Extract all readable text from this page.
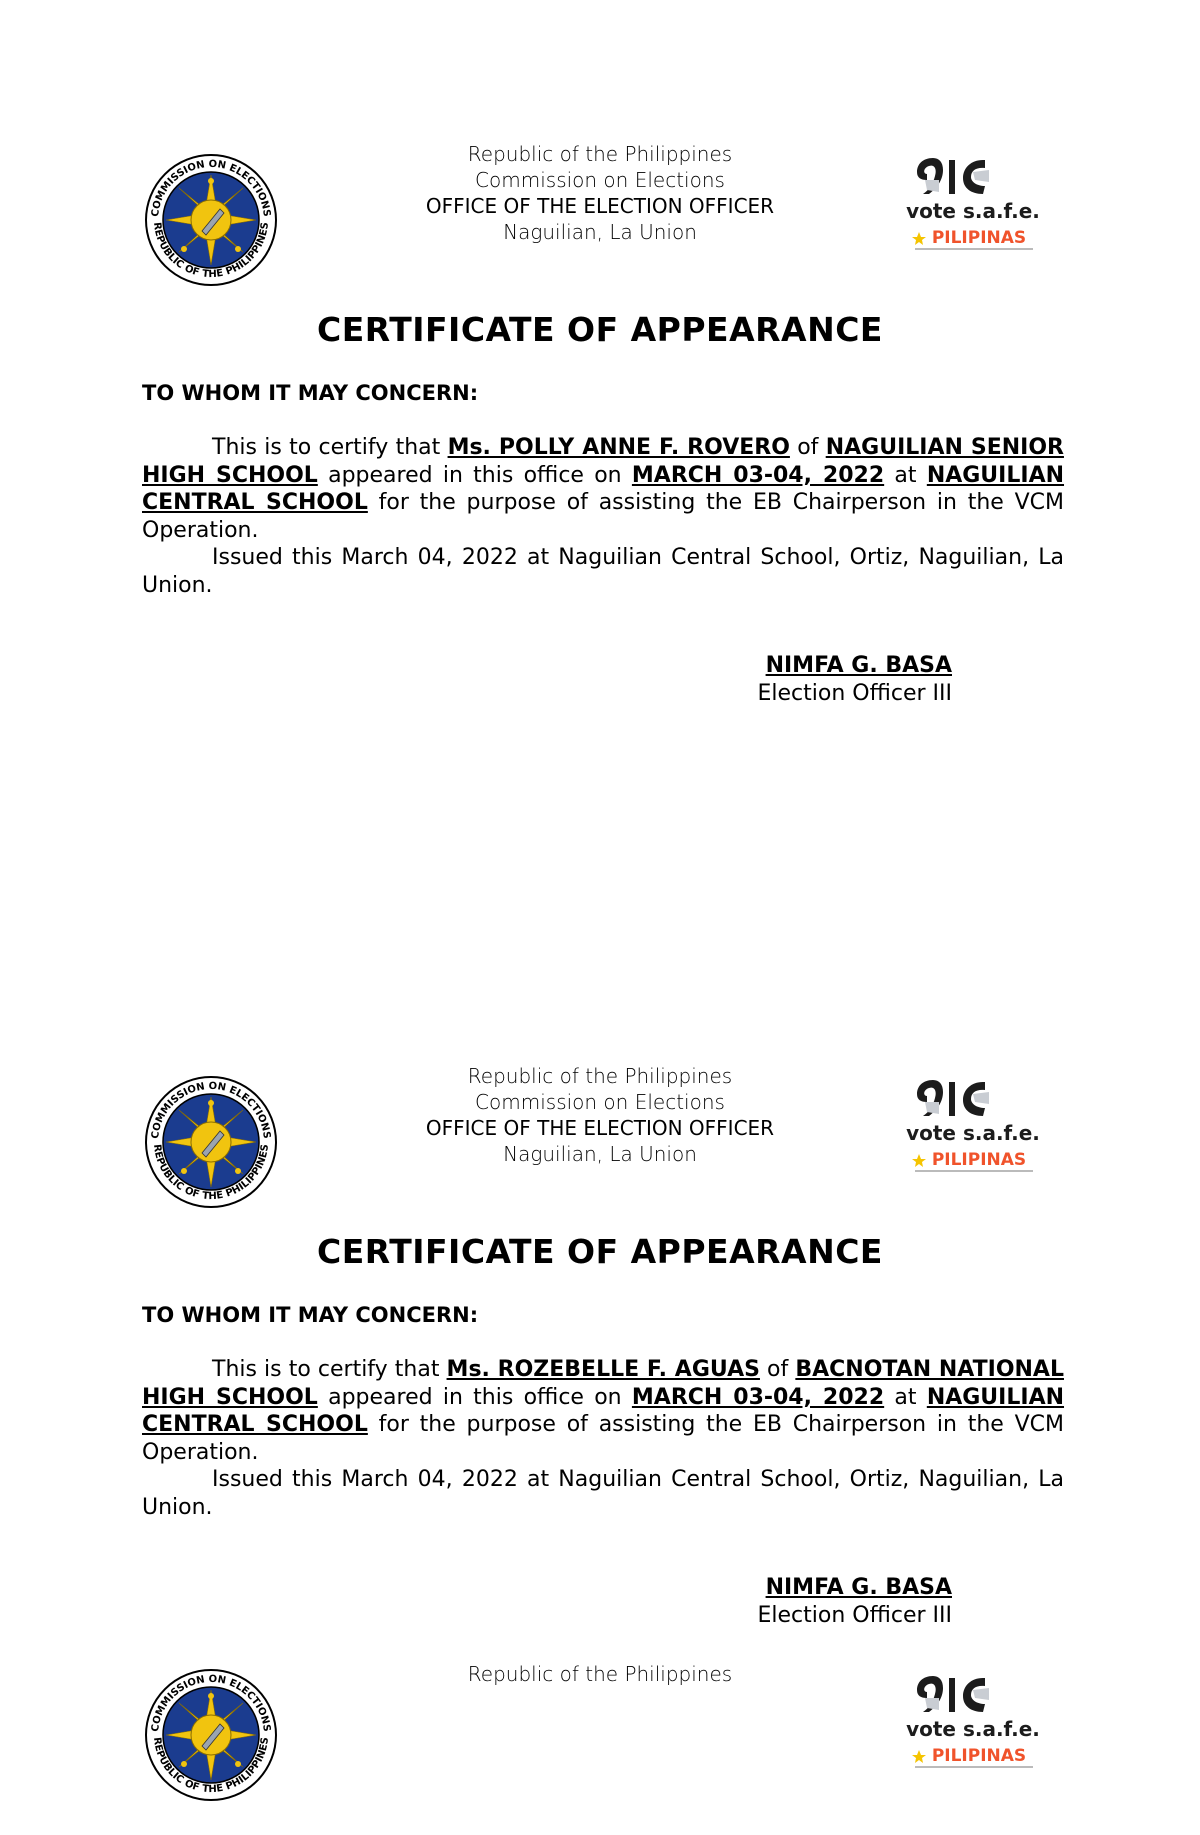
COMMISSION ON ELECTIONS
REPUBLIC OF THE PHILIPPINES
Republic of the Philippines
Commission on Elections
OFFICE OF THE ELECTION OFFICER
Naguilian, La Union
vote s.a.f.e.
PILIPINAS
CERTIFICATE OF APPEARANCE
TO WHOM IT MAY CONCERN:

This is to certify that Ms. POLLY ANNE F. ROVERO of NAGUILIAN SENIOR HIGH SCHOOL appeared in this office on MARCH 03-04, 2022 at NAGUILIAN CENTRAL SCHOOL for the purpose of assisting the EB Chairperson in the VCM Operation.

Issued this March 04, 2022 at Naguilian Central School, Ortiz, Naguilian, La Union.

NIMFA G. BASA
Election Officer III
COMMISSION ON ELECTIONS
REPUBLIC OF THE PHILIPPINES
Republic of the Philippines
Commission on Elections
OFFICE OF THE ELECTION OFFICER
Naguilian, La Union
vote s.a.f.e.
PILIPINAS
CERTIFICATE OF APPEARANCE
TO WHOM IT MAY CONCERN:

This is to certify that Ms. ROZEBELLE F. AGUAS of BACNOTAN NATIONAL HIGH SCHOOL appeared in this office on MARCH 03-04, 2022 at NAGUILIAN CENTRAL SCHOOL for the purpose of assisting the EB Chairperson in the VCM Operation.

Issued this March 04, 2022 at Naguilian Central School, Ortiz, Naguilian, La Union.

NIMFA G. BASA
Election Officer III
COMMISSION ON ELECTIONS
REPUBLIC OF THE PHILIPPINES
Republic of the Philippines
vote s.a.f.e.
PILIPINAS
